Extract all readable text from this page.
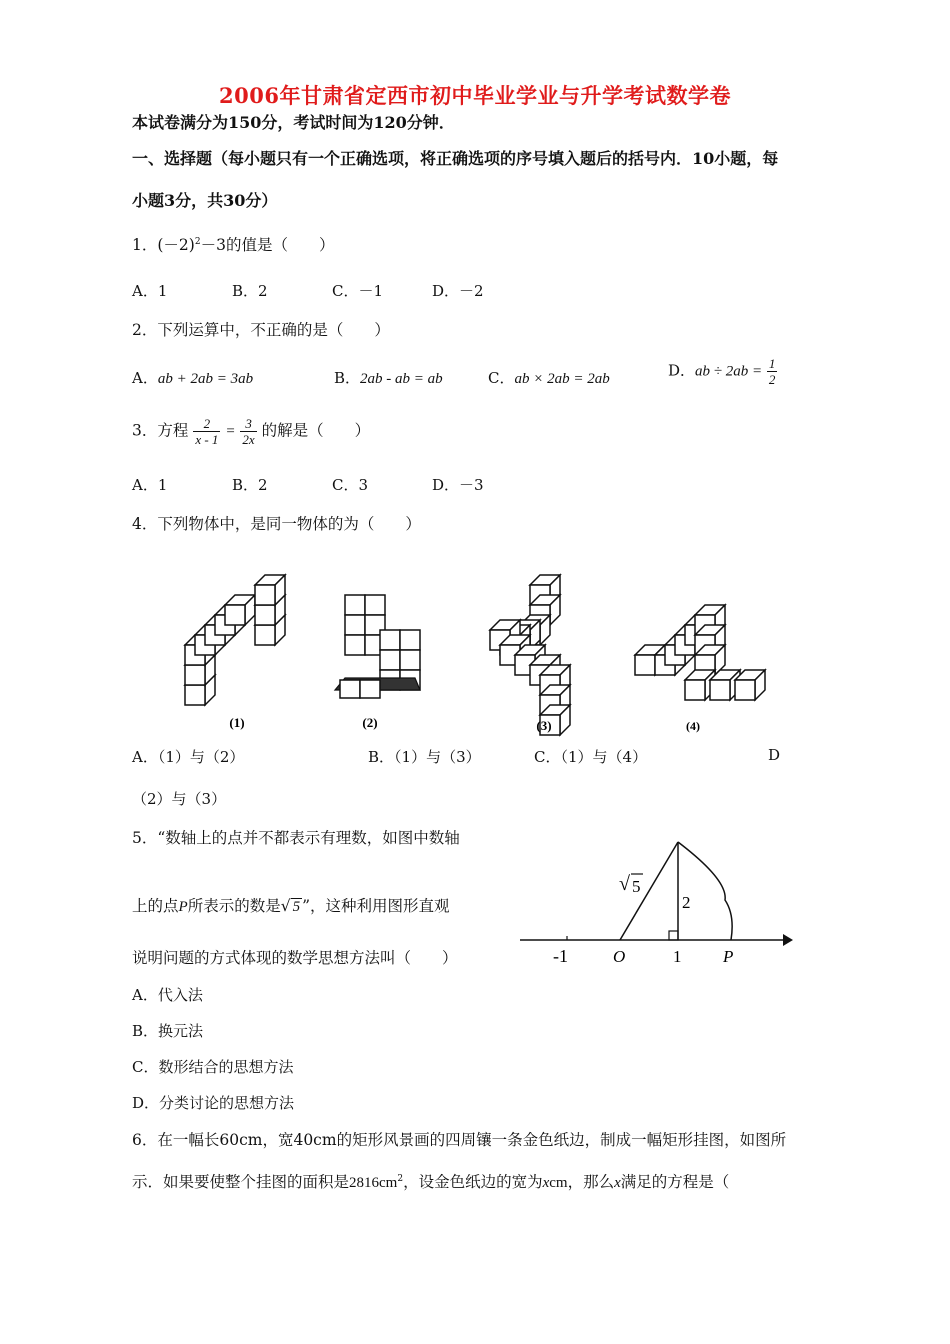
2006年甘肃省定西市初中毕业学业与升学考试数学卷
本试卷满分为150分，考试时间为120分钟．
一、选择题（每小题只有一个正确选项，将正确选项的序号填入题后的括号内．10小题，每
小题3分，共30分）
1．$(-2)^2-3$的值是（　　）
A．1	B．2	C．－1	D．－2
2．下列运算中，不正确的是（　　）
A．ab + 2ab = 3ab	B．2ab - ab = ab	C．ab × 2ab = 2ab	D．ab ÷ $2ab = \frac{1}{2}$
3．方程 $\frac{2}{x - 1} = \frac{3}{2x}$ 的解是（　　）
A．1	B．2	C．3	D．－3
4．下列物体中，是同一物体的为（　　）
(1)	(2)	(3)	(4)
A．（1）与（2）	B．（1）与（3）	C．（1）与（4）	D
（2）与（3）
5．“数轴上的点并不都表示有理数，如图中数轴
上的点P所表示的数是√ 5 ”，这种利用图形直观
说明问题的方式体现的数学思想方法叫（　　）
√ 5
2
-1	O	1 P
A．代入法
B．换元法
C．数形结合的思想方法
D．分类讨论的思想方法
6．在一幅长60cm，宽40cm的矩形风景画的四周镶一条金色纸边，制成一幅矩形挂图，如图所
示．如果要使整个挂图的面积是$2816cm^2$，设金色纸边的宽为xcm，那么x满足的方程是（
